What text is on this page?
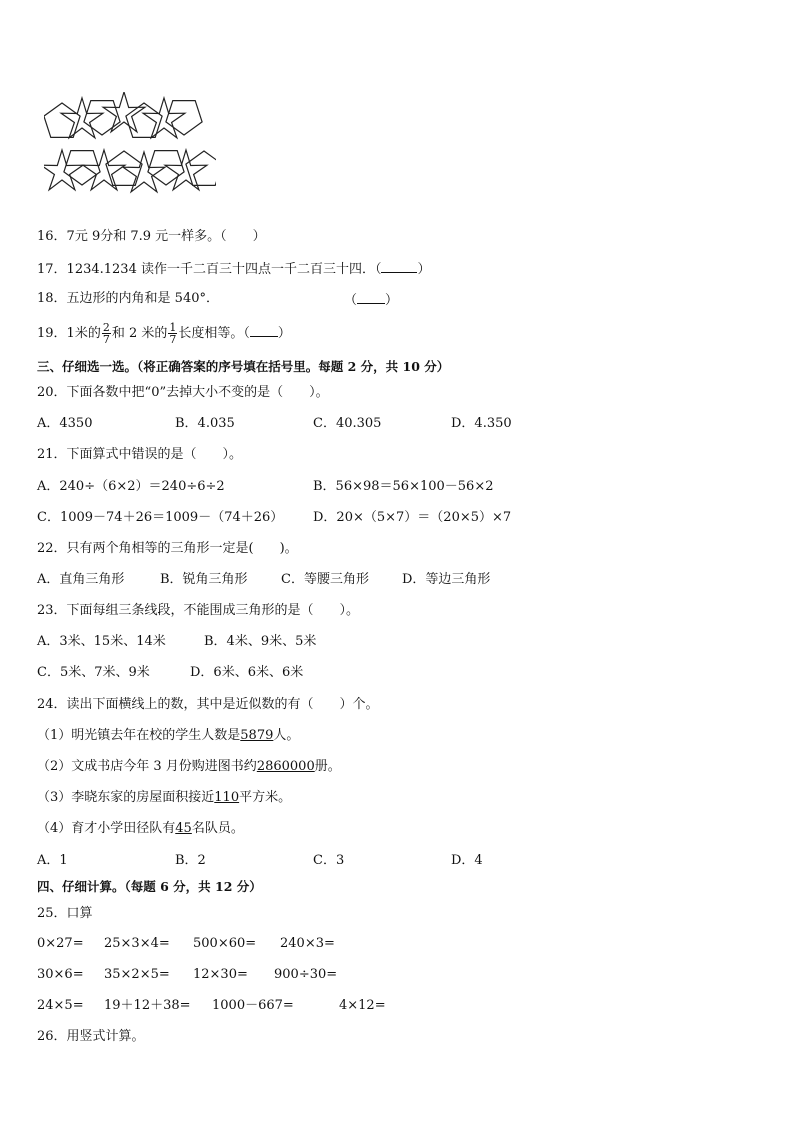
16．7元 9分和 7.9 元一样多。（　　）
17．1234.1234 读作一千二百三十四点一千二百三十四．（	）
18．五边形的内角和是 540°．	（ ）
19．1米的 $\frac{2}{7}$ 和 2 米的 $\frac{1}{7}$ 长度相等。（ ）
三、仔细选一选。（将正确答案的序号填在括号里。每题 2 分，共 10 分）
20．下面各数中把“0”去掉大小不变的是（　　）。
A．4350	B．4.035	C．40.305	D．4.350
21．下面算式中错误的是（　　）。
A．240÷（6×2）＝240÷6÷2	B．56×98＝56×100－56×2
C．1009－74＋26＝1009－（74＋26） D．20×（5×7）＝（20×5）×7
22．只有两个角相等的三角形一定是(　　)。
A．直角三角形	B．锐角三角形	C．等腰三角形	D．等边三角形
23．下面每组三条线段，不能围成三角形的是（　　）。
A．3米、15米、14米	B．4米、9米、5米
C．5米、7米、9米	D．6米、6米、6米
24．读出下面横线上的数，其中是近似数的有（　　）个。
（1）明光镇去年在校的学生人数是5879人。
（2）文成书店今年 3 月份购进图书约2860000册。
（3）李晓东家的房屋面积接近110平方米。
（4）育才小学田径队有45名队员。
A．1	B．2	C．3	D．4
四、仔细计算。（每题 6 分，共 12 分）
25．口算
0×27= 25×3×4= 500×60= 240×3=
30×6= 35×2×5= 12×30= 900÷30=
24×5= 19＋12＋38= 1000－667=	4×12=
26．用竖式计算。
